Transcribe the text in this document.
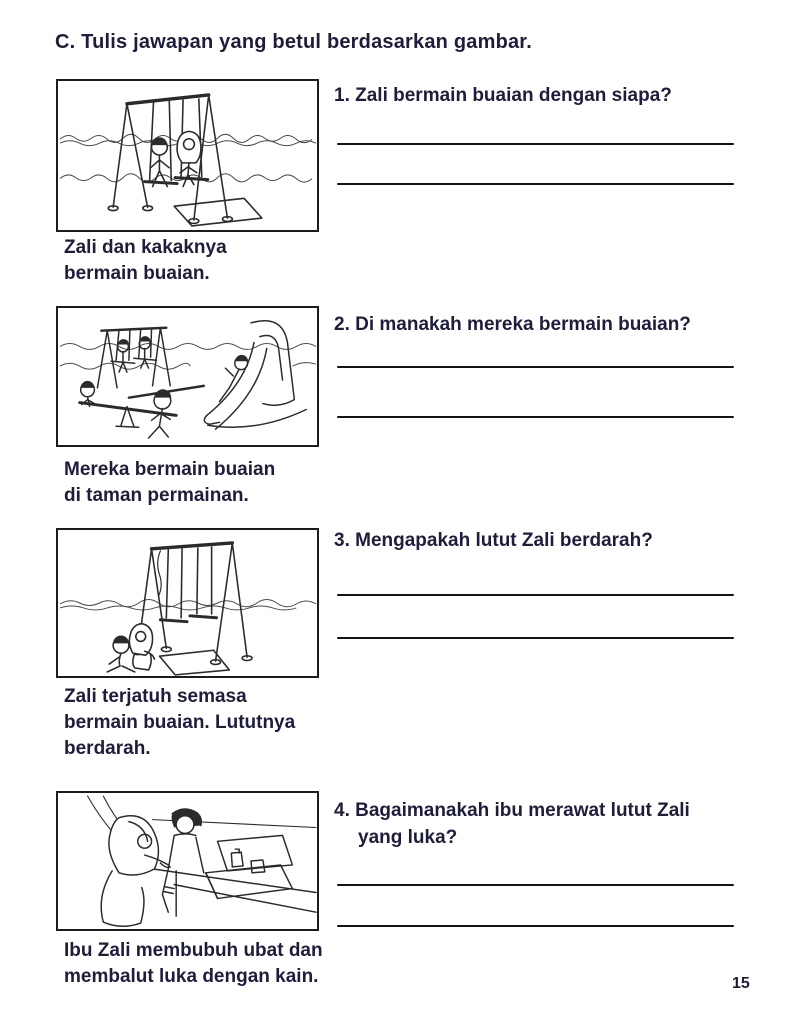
C. Tulis jawapan yang betul berdasarkan gambar.
Zali dan kakaknya
bermain buaian.
1. Zali bermain buaian dengan siapa?
Mereka bermain buaian
di taman permainan.
2. Di manakah mereka bermain buaian?
Zali terjatuh semasa
bermain buaian. Lututnya
berdarah.
3. Mengapakah lutut Zali berdarah?
Ibu Zali membubuh ubat dan
membalut luka dengan kain.
4. Bagaimanakah ibu merawat lutut Zali
yang luka?
15
